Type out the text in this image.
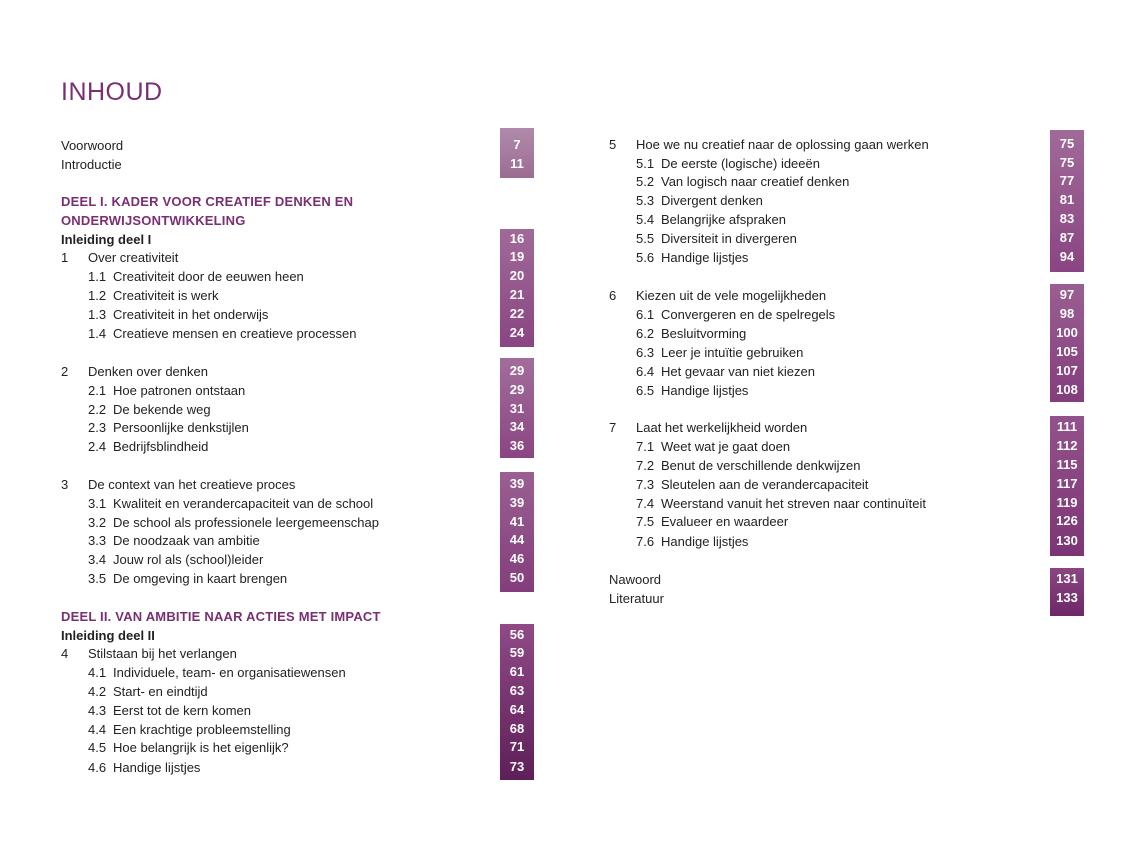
INHOUD
Voorwoord	7
Introductie	11
DEEL I. KADER VOOR CREATIEF DENKEN EN
ONDERWIJSONTWIKKELING
Inleiding deel I	16
1 Over creativiteit	19
1.1 Creativiteit door de eeuwen heen	20
1.2 Creativiteit is werk	21
1.3 Creativiteit in het onderwijs	22
1.4 Creatieve mensen en creatieve processen	24
2 Denken over denken	29
2.1 Hoe patronen ontstaan	29
2.2 De bekende weg	31
2.3 Persoonlijke denkstijlen	34
2.4 Bedrijfsblindheid	36
3 De context van het creatieve proces	39
3.1 Kwaliteit en verandercapaciteit van de school	39
3.2 De school als professionele leergemeenschap	41
3.3 De noodzaak van ambitie	44
3.4 Jouw rol als (school)leider	46
3.5 De omgeving in kaart brengen	50
DEEL II. VAN AMBITIE NAAR ACTIES MET IMPACT
Inleiding deel II	56
4 Stilstaan bij het verlangen	59
4.1 Individuele, team- en organisatiewensen	61
4.2 Start- en eindtijd	63
4.3 Eerst tot de kern komen	64
4.4 Een krachtige probleemstelling	68
4.5 Hoe belangrijk is het eigenlijk?	71
4.6 Handige lijstjes	73
5 Hoe we nu creatief naar de oplossing gaan werken	75
5.1 De eerste (logische) ideeën	75
5.2 Van logisch naar creatief denken	77
5.3 Divergent denken	81
5.4 Belangrijke afspraken	83
5.5 Diversiteit in divergeren	87
5.6 Handige lijstjes	94
6 Kiezen uit de vele mogelijkheden	97
6.1 Convergeren en de spelregels	98
6.2 Besluitvorming	100
6.3 Leer je intuïtie gebruiken	105
6.4 Het gevaar van niet kiezen	107
6.5 Handige lijstjes	108
7 Laat het werkelijkheid worden	111
7.1 Weet wat je gaat doen	112
7.2 Benut de verschillende denkwijzen	115
7.3 Sleutelen aan de verandercapaciteit	117
7.4 Weerstand vanuit het streven naar continuïteit	119
7.5 Evalueer en waardeer	126
7.6 Handige lijstjes	130
Nawoord	131
Literatuur	133
